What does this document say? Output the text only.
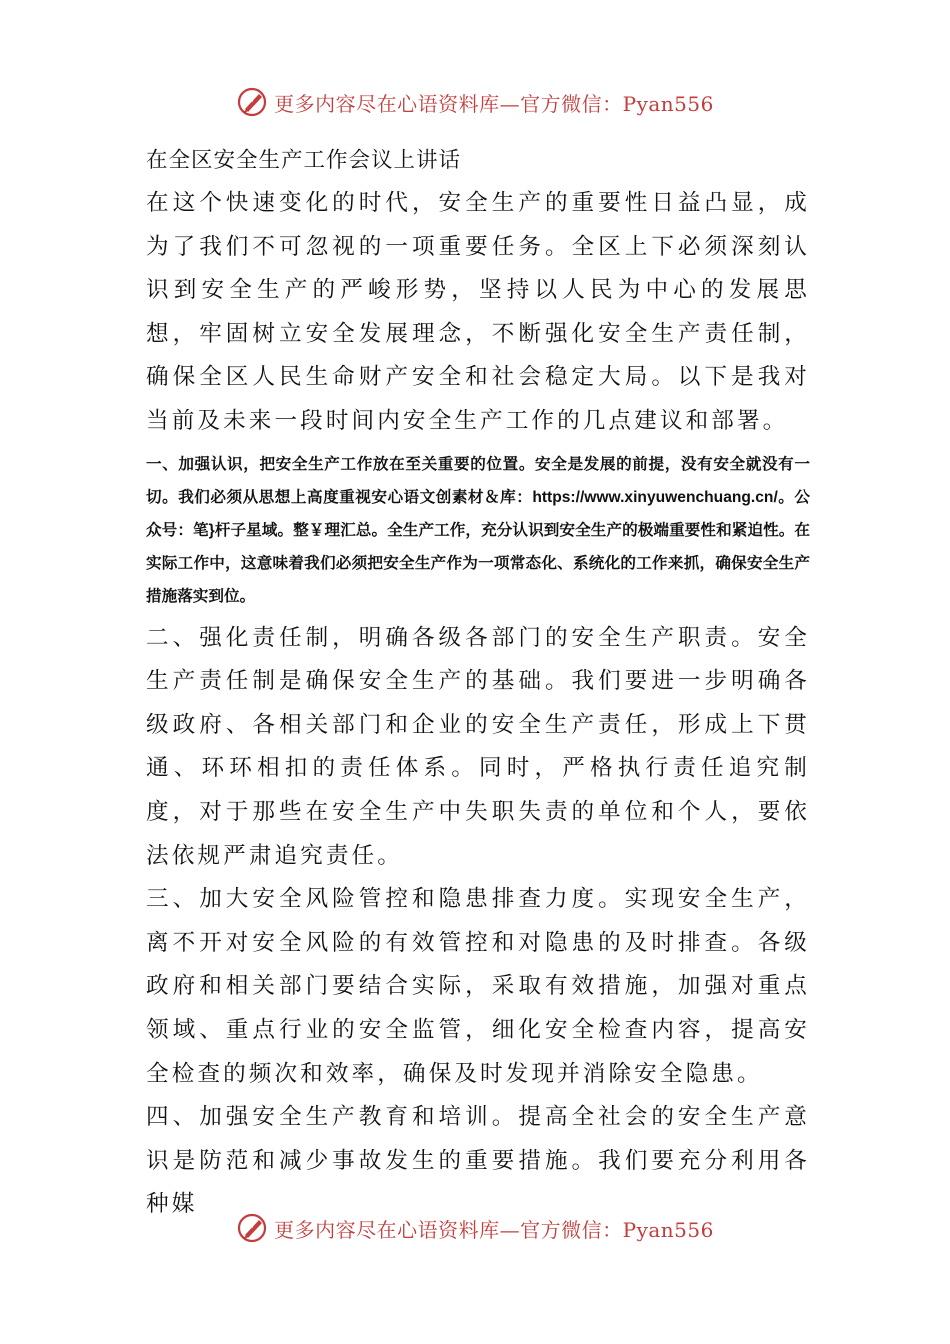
更多内容尽在心语资料库—官方微信：Pyan556

在全区安全生产工作会议上讲话

在这个快速变化的时代，安全生产的重要性日益凸显，成为了我们不可忽视的一项重要任务。全区上下必须深刻认识到安全生产的严峻形势，坚持以人民为中心的发展思想，牢固树立安全发展理念，不断强化安全生产责任制，确保全区人民生命财产安全和社会稳定大局。以下是我对当前及未来一段时间内安全生产工作的几点建议和部署。

一、加强认识，把安全生产工作放在至关重要的位置。安全是发展的前提，没有安全就没有一切。我们必须从思想上高度重视安心语文创素材＆库：https://www.xinyuwenchuang.cn/。公众号：笔}杆子星域。整￥理汇总。全生产工作，充分认识到安全生产的极端重要性和紧迫性。在实际工作中，这意味着我们必须把安全生产作为一项常态化、系统化的工作来抓，确保安全生产措施落实到位。

二、强化责任制，明确各级各部门的安全生产职责。安全生产责任制是确保安全生产的基础。我们要进一步明确各级政府、各相关部门和企业的安全生产责任，形成上下贯通、环环相扣的责任体系。同时，严格执行责任追究制度，对于那些在安全生产中失职失责的单位和个人，要依法依规严肃追究责任。

三、加大安全风险管控和隐患排查力度。实现安全生产，离不开对安全风险的有效管控和对隐患的及时排查。各级政府和相关部门要结合实际，采取有效措施，加强对重点领域、重点行业的安全监管，细化安全检查内容，提高安全检查的频次和效率，确保及时发现并消除安全隐患。

四、加强安全生产教育和培训。提高全社会的安全生产意识是防范和减少事故发生的重要措施。我们要充分利用各种媒

更多内容尽在心语资料库—官方微信：Pyan556
